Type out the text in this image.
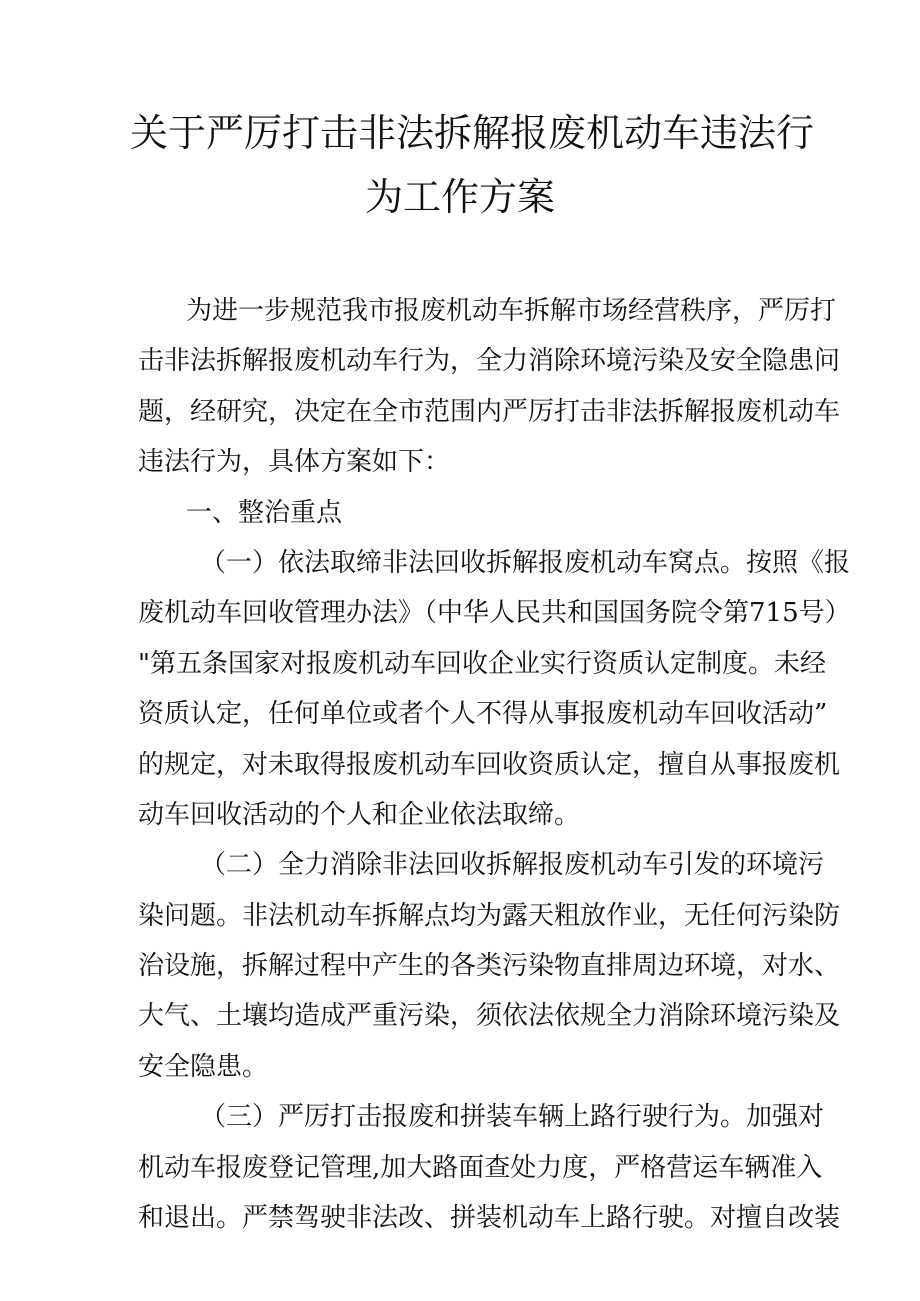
关于严厉打击非法拆解报废机动车违法行
为工作方案
为进一步规范我市报废机动车拆解市场经营秩序，严厉打
击非法拆解报废机动车行为，全力消除环境污染及安全隐患问
题，经研究，决定在全市范围内严厉打击非法拆解报废机动车
违法行为，具体方案如下：
一、整治重点
（一）依法取缔非法回收拆解报废机动车窝点。按照《报
废机动车回收管理办法》（中华人民共和国国务院令第715号）
"第五条国家对报废机动车回收企业实行资质认定制度。未经
资质认定，任何单位或者个人不得从事报废机动车回收活动”
的规定，对未取得报废机动车回收资质认定，擅自从事报废机
动车回收活动的个人和企业依法取缔。
（二）全力消除非法回收拆解报废机动车引发的环境污
染问题。非法机动车拆解点均为露天粗放作业，无任何污染防
治设施，拆解过程中产生的各类污染物直排周边环境，对水、
大气、土壤均造成严重污染，须依法依规全力消除环境污染及
安全隐患。
（三）严厉打击报废和拼装车辆上路行驶行为。加强对
机动车报废登记管理,加大路面查处力度，严格营运车辆准入
和退出。严禁驾驶非法改、拼装机动车上路行驶。对擅自改装
